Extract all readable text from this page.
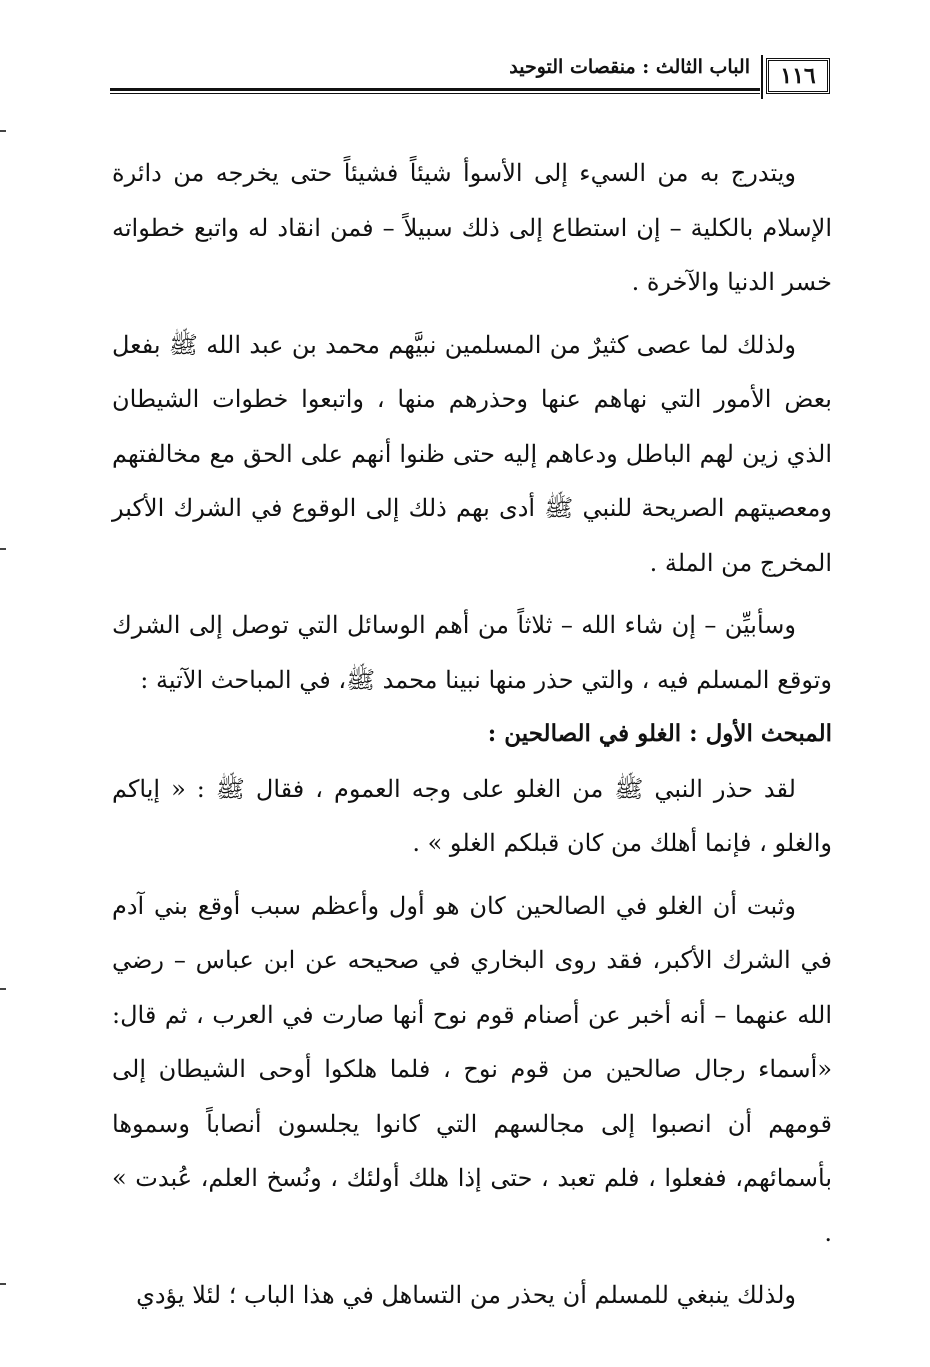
الباب الثالث : منقصات التوحيد	١١٦

ويتدرج به من السيء إلى الأسوأ شيئاً فشيئاً حتى يخرجه من دائرة الإسلام بالكلية – إن استطاع إلى ذلك سبيلاً – فمن انقاد له واتبع خطواته خسر الدنيا والآخرة .

ولذلك لما عصى كثيرٌ من المسلمين نبيَّهم محمد بن عبد الله ﷺ بفعل بعض الأمور التي نهاهم عنها وحذرهم منها ، واتبعوا خطوات الشيطان الذي زين لهم الباطل ودعاهم إليه حتى ظنوا أنهم على الحق مع مخالفتهم ومعصيتهم الصريحة للنبي ﷺ أدى بهم ذلك إلى الوقوع في الشرك الأكبر المخرج من الملة .

وسأبيِّن – إن شاء الله – ثلاثاً من أهم الوسائل التي توصل إلى الشرك وتوقع المسلم فيه ، والتي حذر منها نبينا محمد ﷺ، في المباحث الآتية :

المبحث الأول : الغلو في الصالحين :

لقد حذر النبي ﷺ من الغلو على وجه العموم ، فقال ﷺ : « إياكم والغلو ، فإنما أهلك من كان قبلكم الغلو » .

وثبت أن الغلو في الصالحين كان هو أول وأعظم سبب أوقع بني آدم في الشرك الأكبر، فقد روى البخاري في صحيحه عن ابن عباس – رضي الله عنهما – أنه أخبر عن أصنام قوم نوح أنها صارت في العرب ، ثم قال: «أسماء رجال صالحين من قوم نوح ، فلما هلكوا أوحى الشيطان إلى قومهم أن انصبوا إلى مجالسهم التي كانوا يجلسون أنصاباً وسموها بأسمائهم، ففعلوا ، فلم تعبد ، حتى إذا هلك أولئك ، ونُسخ العلم، عُبدت » .

ولذلك ينبغي للمسلم أن يحذر من التساهل في هذا الباب ؛ لئلا يؤدي
